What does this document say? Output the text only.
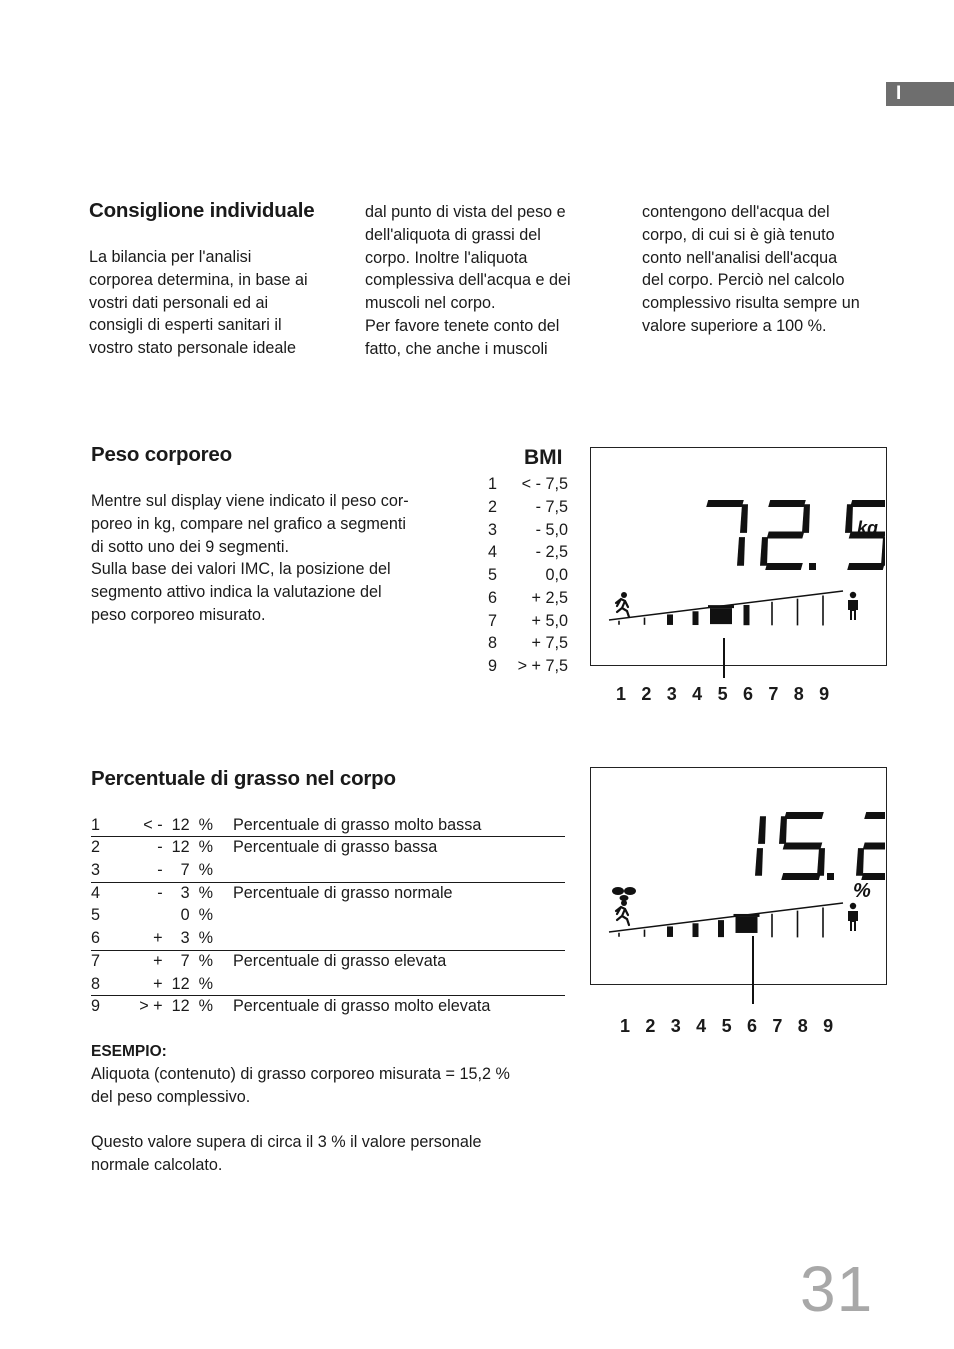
I
Consiglione individuale

La bilancia per l'analisi

corporea determina, in base ai

vostri dati personali ed ai

consigli di esperti sanitari il

vostro stato personale ideale

dal punto di vista del peso e

dell'aliquota di grassi del

corpo. Inoltre l'aliquota

complessiva dell'acqua e dei

muscoli nel corpo.

Per favore tenete conto del

fatto, che anche i muscoli

contengono dell'acqua del

corpo, di cui si è già tenuto

conto nell'analisi dell'acqua

del corpo. Perciò nel calcolo

complessivo risulta sempre un

valore superiore a 100 %.

Peso corporeo

Mentre sul display viene indicato il peso cor-

poreo in kg, compare nel grafico a segmenti

di sotto uno dei 9 segmenti.

Sulla base dei valori IMC, la posizione del

segmento attivo indica la valutazione del

peso corporeo misurato.

BMI
1 < - 7,5
2 - 7,5
3 - 5,0
4 - 2,5
5	0,0
6 + 2,5
7 + 5,0
8 + 7,5
9 > + 7,5
kg
1 2 3 4 5 6 7 8 9
Percentuale di grasso nel corpo
1	< -  12  % Percentuale di grasso molto bassa
2	-  12  % Percentuale di grasso bassa
3	-    7  %
4	-    3  % Percentuale di grasso normale
5	0  %
6	+    3  %
7	+    7  % Percentuale di grasso elevata
8	+  12  %
9 > +  12  % Percentuale di grasso molto elevata
ESEMPIO:

Aliquota (contenuto) di grasso corporeo misurata = 15,2 %

del peso complessivo.

Questo valore supera di circa il 3 % il valore personale

normale calcolato.

%
1 2 3 4 5 6 7 8 9
31
